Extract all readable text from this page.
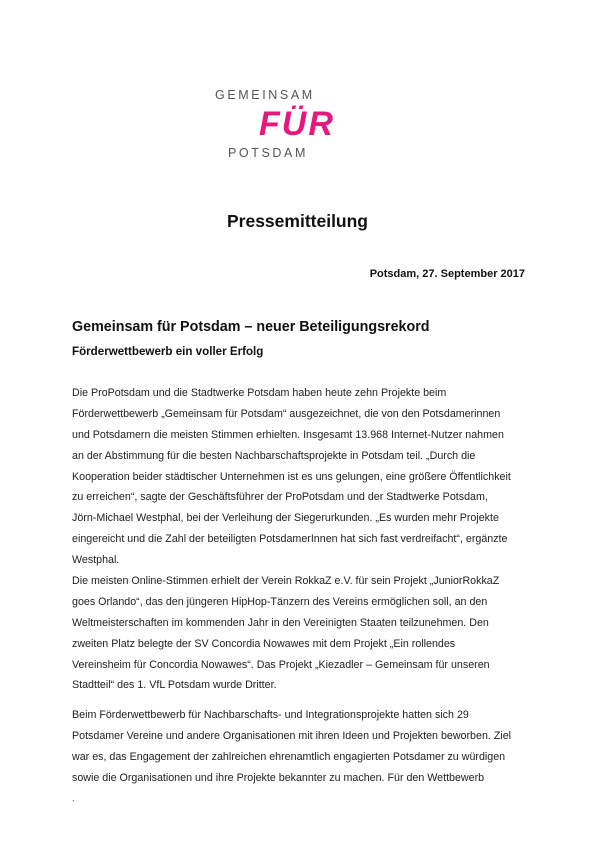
GEMEINSAM
FÜR
POTSDAM
Pressemitteilung
Potsdam, 27. September 2017
Gemeinsam für Potsdam – neuer Beteiligungsrekord
Förderwettbewerb ein voller Erfolg
Die ProPotsdam und die Stadtwerke Potsdam haben heute zehn Projekte beim
Förderwettbewerb „Gemeinsam für Potsdam“ ausgezeichnet, die von den Potsdamerinnen
und Potsdamern die meisten Stimmen erhielten. Insgesamt 13.968 Internet-Nutzer nahmen
an der Abstimmung für die besten Nachbarschaftsprojekte in Potsdam teil. „Durch die
Kooperation beider städtischer Unternehmen ist es uns gelungen, eine größere Öffentlichkeit
zu erreichen“, sagte der Geschäftsführer der ProPotsdam und der Stadtwerke Potsdam,
Jörn-Michael Westphal, bei der Verleihung der Siegerurkunden. „Es wurden mehr Projekte
eingereicht und die Zahl der beteiligten PotsdamerInnen hat sich fast verdreifacht“, ergänzte
Westphal.
Die meisten Online-Stimmen erhielt der Verein RokkaZ e.V. für sein Projekt „JuniorRokkaZ
goes Orlando“, das den jüngeren HipHop-Tänzern des Vereins ermöglichen soll, an den
Weltmeisterschaften im kommenden Jahr in den Vereinigten Staaten teilzunehmen. Den
zweiten Platz belegte der SV Concordia Nowawes mit dem Projekt „Ein rollendes
Vereinsheim für Concordia Nowawes“. Das Projekt „Kiezadler – Gemeinsam für unseren
Stadtteil“ des 1. VfL Potsdam wurde Dritter.
Beim Förderwettbewerb für Nachbarschafts- und Integrationsprojekte hatten sich 29
Potsdamer Vereine und andere Organisationen mit ihren Ideen und Projekten beworben. Ziel
war es, das Engagement der zahlreichen ehrenamtlich engagierten Potsdamer zu würdigen
sowie die Organisationen und ihre Projekte bekannter zu machen. Für den Wettbewerb
.
